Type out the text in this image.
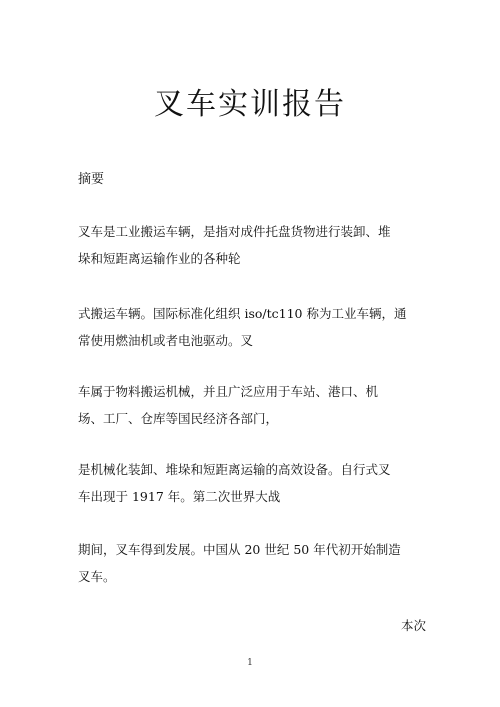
叉车实训报告
摘要
叉车是工业搬运车辆，是指对成件托盘货物进行装卸、堆
垛和短距离运输作业的各种轮
式搬运车辆。国际标准化组织 iso/tc110 称为工业车辆，通
常使用燃油机或者电池驱动。叉
车属于物料搬运机械，并且广泛应用于车站、港口、机
场、工厂、仓库等国民经济各部门，
是机械化装卸、堆垛和短距离运输的高效设备。自行式叉
车出现于 1917 年。第二次世界大战
期间，叉车得到发展。中国从 20 世纪 50 年代初开始制造
叉车。
本次
1
